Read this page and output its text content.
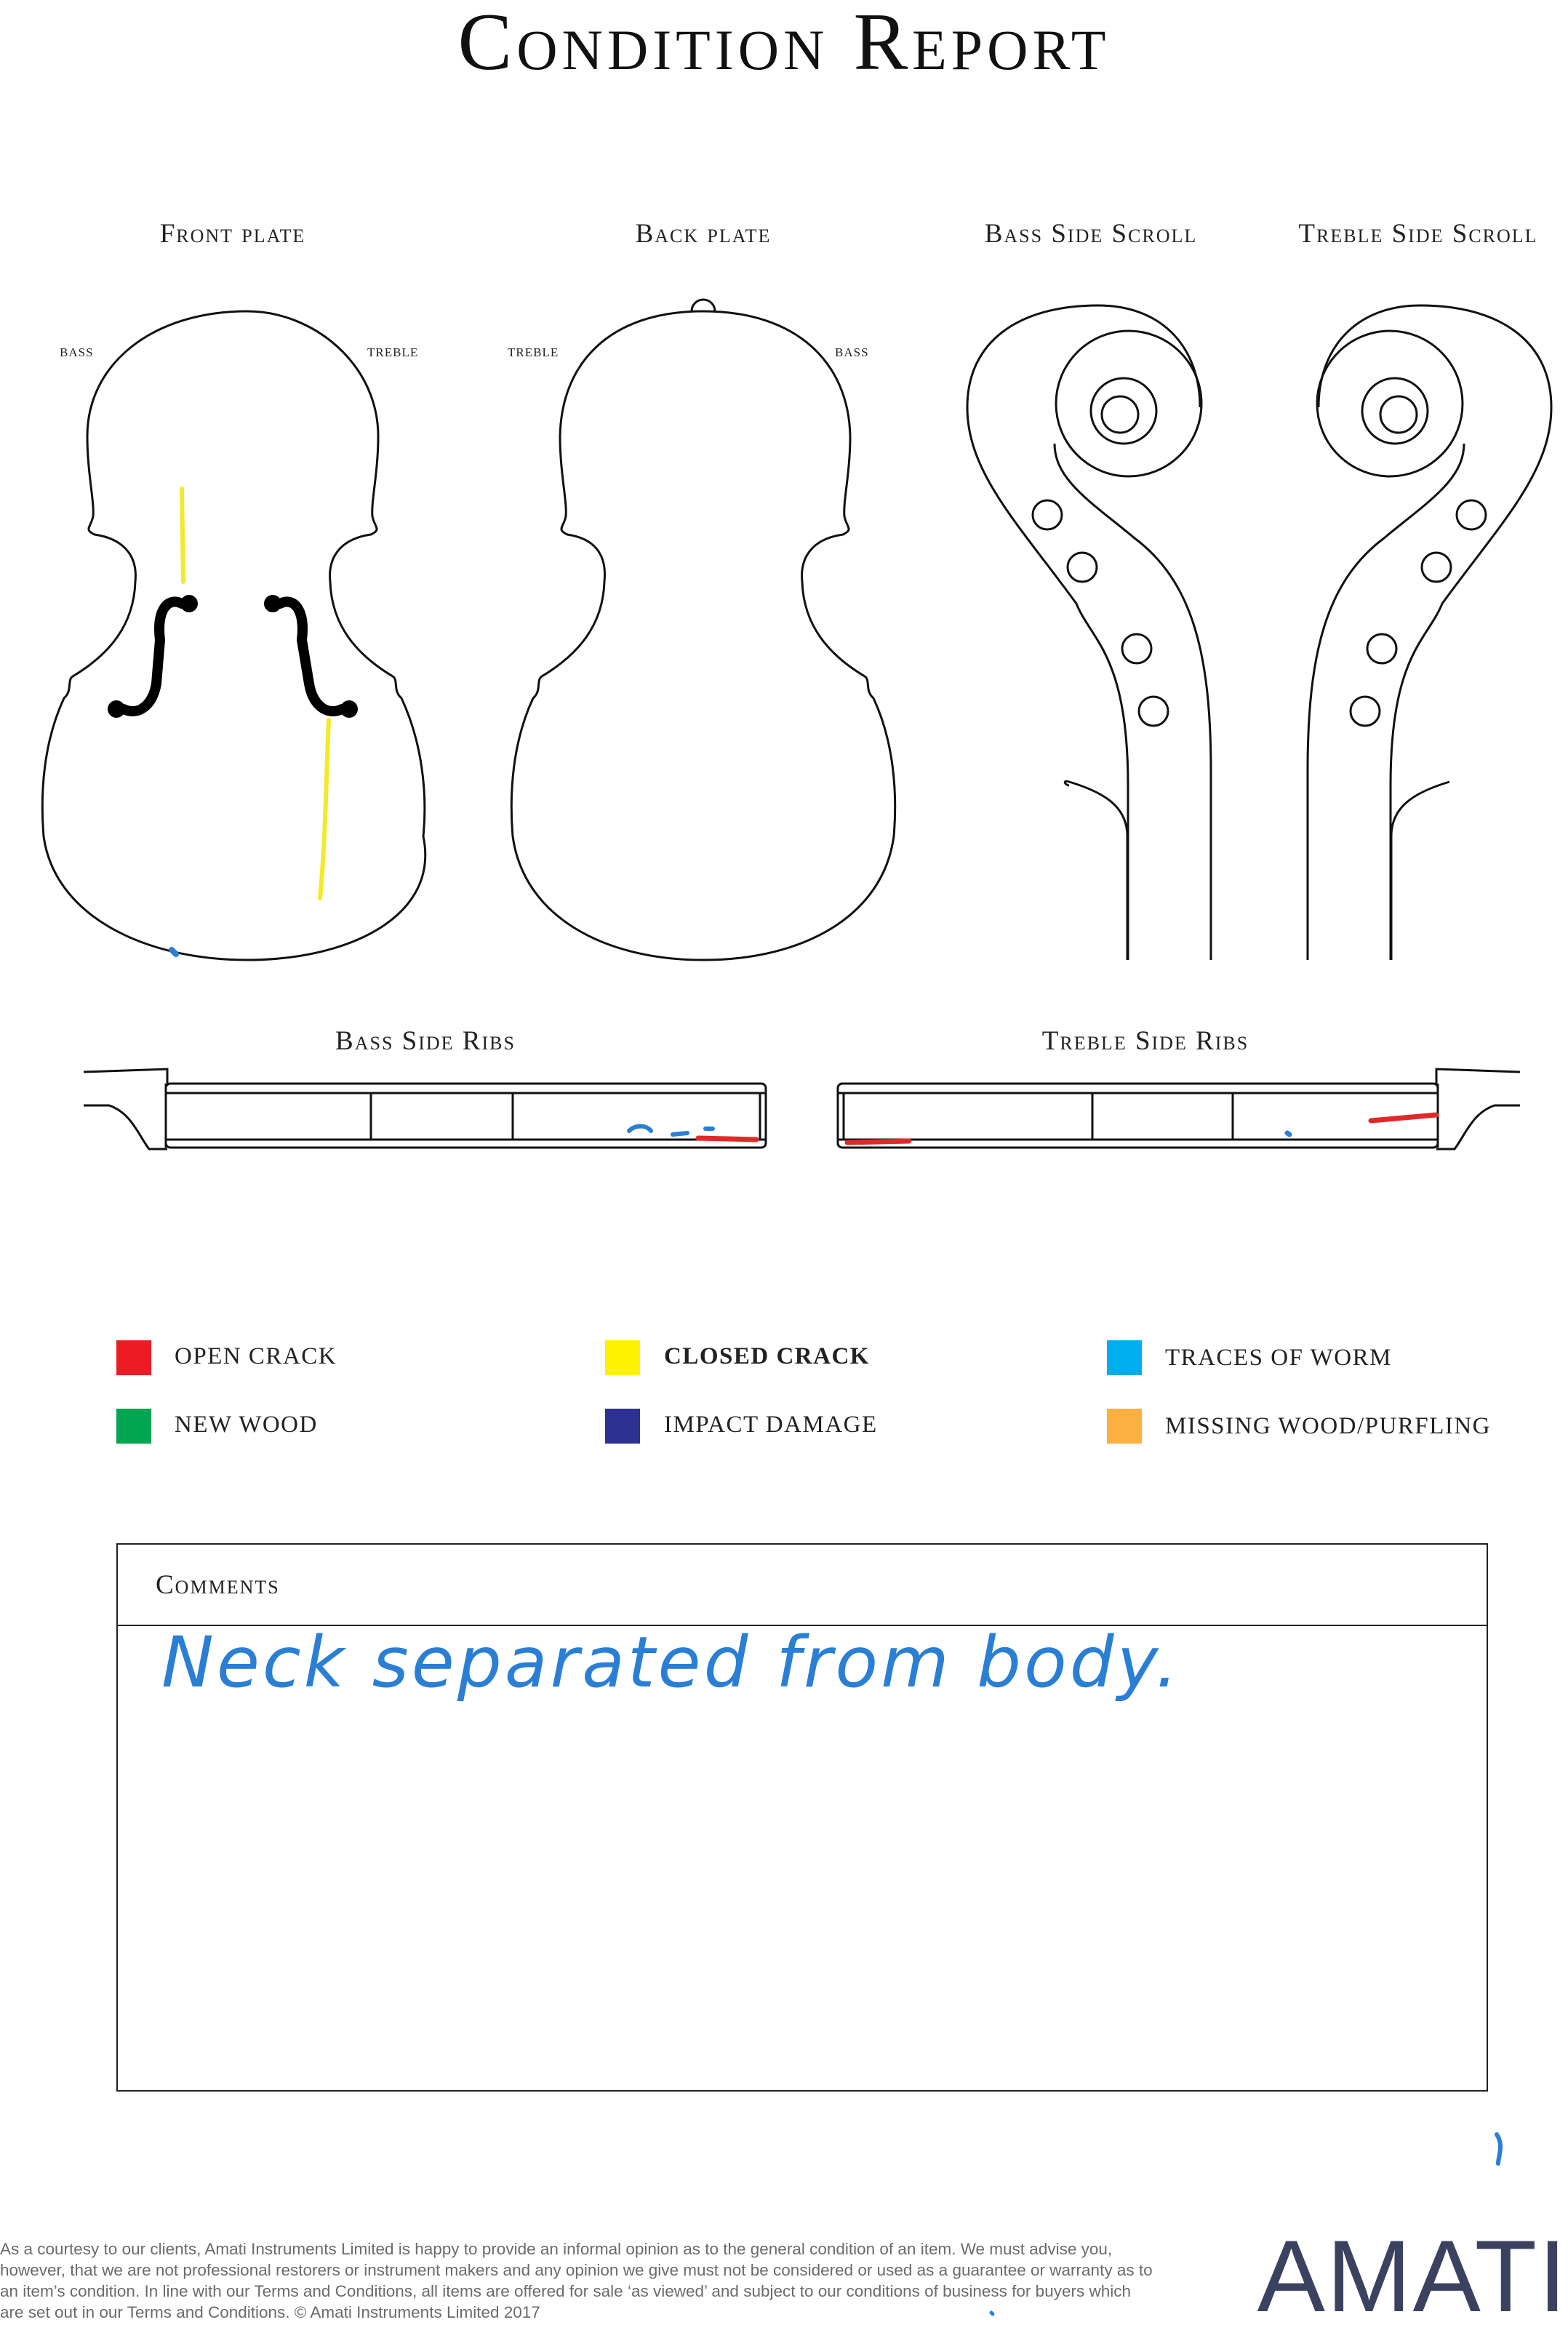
Condition Report
Front plate	Back plate	Bass Side Scroll	Treble Side Scroll
Bass Side Ribs	Treble Side Ribs
bass	treble	treble	bass
OPEN CRACK	CLOSED CRACK	TRACES OF WORM
NEW WOOD	IMPACT DAMAGE	MISSING WOOD/PURFLING
Comments
Neck separated from body.
As a courtesy to our clients, Amati Instruments Limited is happy to provide an informal opinion as to the general condition of an item. We must advise you, however, that we are not professional restorers or instrument makers and any opinion we give must not be considered or used as a guarantee or warranty as to an item’s condition. In line with our Terms and Conditions, all items are offered for sale ‘as viewed’ and subject to our conditions of business for buyers which are set out in our Terms and Conditions. © Amati Instruments Limited 2017	AMATI
